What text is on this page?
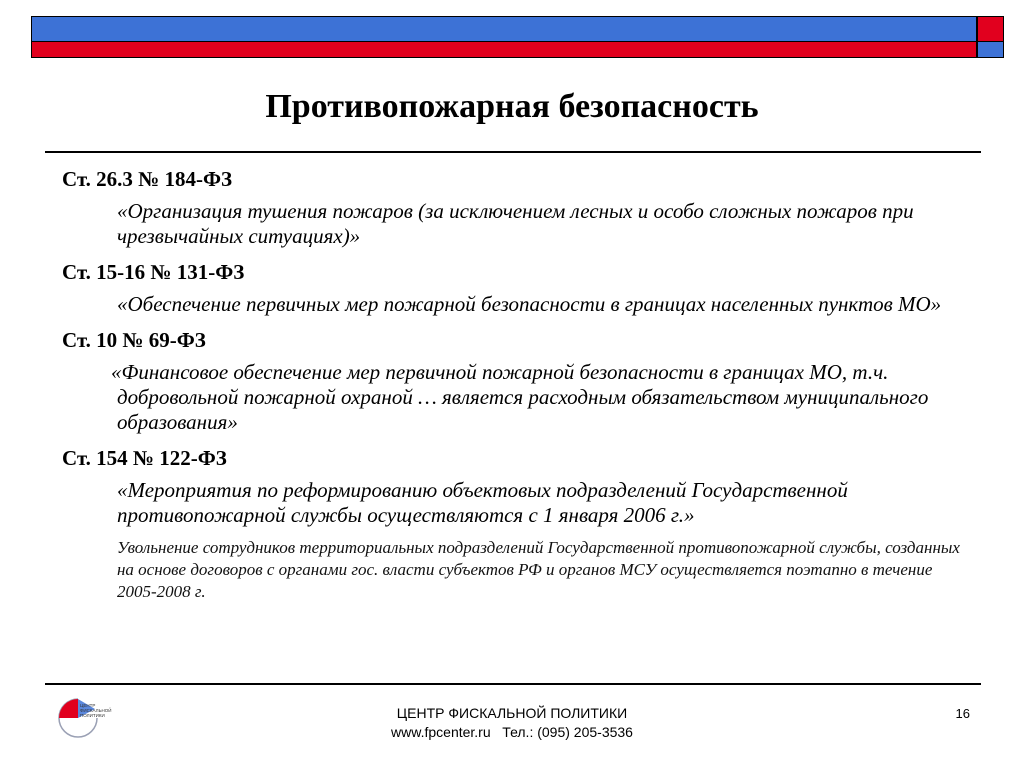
Противопожарная безопасность

Ст. 26.3 № 184-ФЗ

«Организация тушения пожаров (за исключением лесных и особо сложных пожаров при чрезвычайных ситуациях)»

Ст. 15-16 № 131-ФЗ

«Обеспечение первичных мер пожарной безопасности в границах населенных пунктов МО»

Ст. 10 № 69-ФЗ

«Финансовое обеспечение мер первичной пожарной безопасности в границах МО, т.ч. добровольной пожарной охраной … является расходным обязательством муниципального образования»

Ст. 154 № 122-ФЗ

«Мероприятия по реформированию объектовых подразделений Государственной противопожарной службы осуществляются с 1 января 2006 г.»

Увольнение сотрудников территориальных подразделений Государственной противопожарной службы, созданных на основе договоров с органами гос. власти субъектов РФ и органов МСУ осуществляется поэтапно в течение 2005-2008 г.

ЦЕНТР
ФИСКАЛЬНОЙ
ПОЛИТИКИ	ЦЕНТР ФИСКАЛЬНОЙ ПОЛИТИКИ
www.fpcenter.ru   Тел.: (095) 205-3536
16
